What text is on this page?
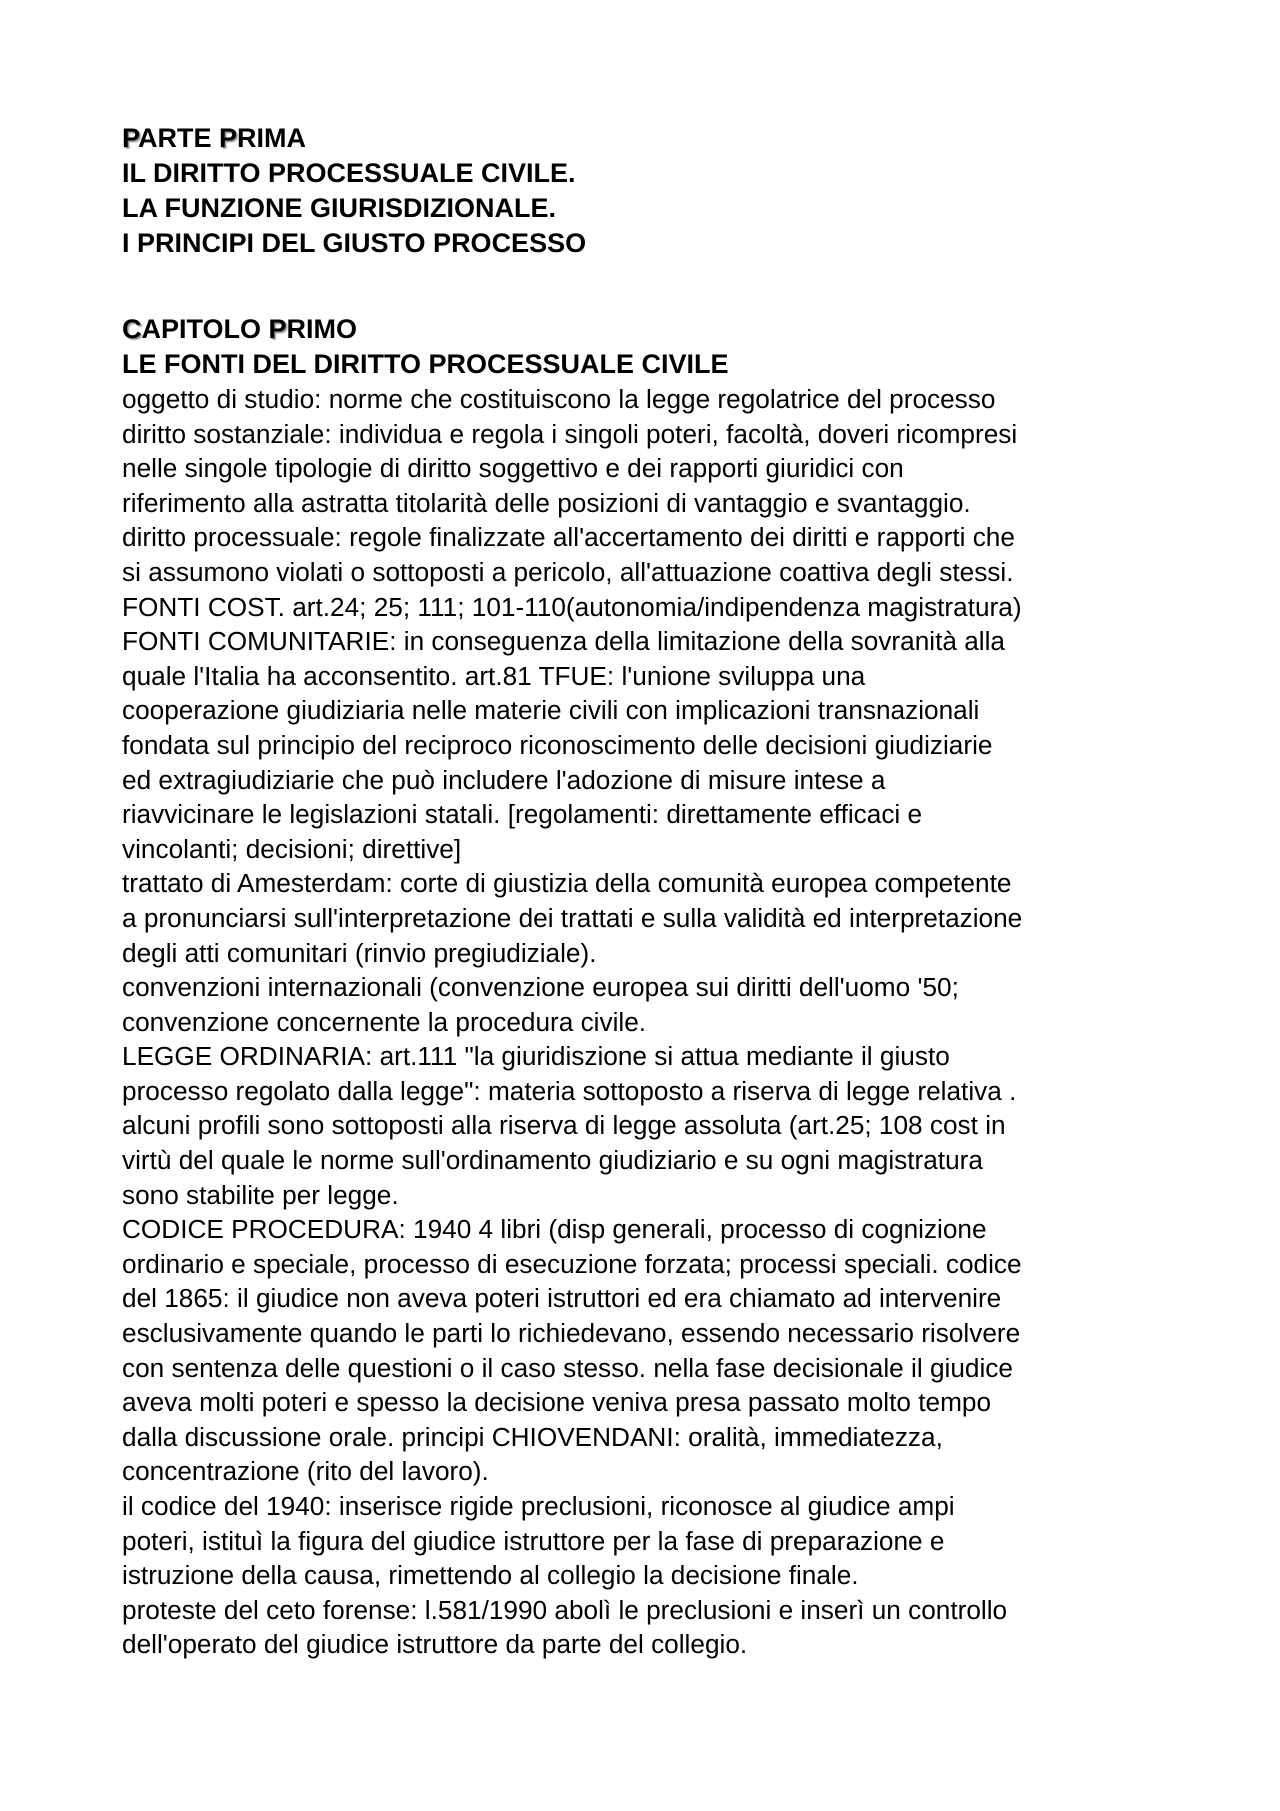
PARTE PRIMA
IL DIRITTO PROCESSUALE CIVILE.
LA FUNZIONE GIURISDIZIONALE.
I PRINCIPI DEL GIUSTO PROCESSO
CAPITOLO PRIMO
LE FONTI DEL DIRITTO PROCESSUALE CIVILE
oggetto di studio: norme che costituiscono la legge regolatrice del processo
diritto sostanziale: individua e regola i singoli poteri, facoltà, doveri ricompresi
nelle singole tipologie di diritto soggettivo e dei rapporti giuridici con
riferimento alla astratta titolarità delle posizioni di vantaggio e svantaggio.
diritto processuale: regole finalizzate all'accertamento dei diritti e rapporti che
si assumono violati o sottoposti a pericolo, all'attuazione coattiva degli stessi.
FONTI COST. art.24; 25; 111; 101-110(autonomia/indipendenza magistratura)
FONTI COMUNITARIE: in conseguenza della limitazione della sovranità alla
quale l'Italia ha acconsentito. art.81 TFUE: l'unione sviluppa una
cooperazione giudiziaria nelle materie civili con implicazioni transnazionali
fondata sul principio del reciproco riconoscimento delle decisioni giudiziarie
ed extragiudiziarie che può includere l'adozione di misure intese a
riavvicinare le legislazioni statali. [regolamenti: direttamente efficaci e
vincolanti; decisioni; direttive]
trattato di Amesterdam: corte di giustizia della comunità europea competente
a pronunciarsi sull'interpretazione dei trattati e sulla validità ed interpretazione
degli atti comunitari (rinvio pregiudiziale).
convenzioni internazionali (convenzione europea sui diritti dell'uomo '50;
convenzione concernente la procedura civile.
LEGGE ORDINARIA: art.111 "la giuridiszione si attua mediante il giusto
processo regolato dalla legge": materia sottoposto a riserva di legge relativa .
alcuni profili sono sottoposti alla riserva di legge assoluta (art.25; 108 cost in
virtù del quale le norme sull'ordinamento giudiziario e su ogni magistratura
sono stabilite per legge.
CODICE PROCEDURA: 1940 4 libri (disp generali, processo di cognizione
ordinario e speciale, processo di esecuzione forzata; processi speciali. codice
del 1865: il giudice non aveva poteri istruttori ed era chiamato ad intervenire
esclusivamente quando le parti lo richiedevano, essendo necessario risolvere
con sentenza delle questioni o il caso stesso. nella fase decisionale il giudice
aveva molti poteri e spesso la decisione veniva presa passato molto tempo
dalla discussione orale. principi CHIOVENDANI: oralità, immediatezza,
concentrazione (rito del lavoro).
il codice del 1940: inserisce rigide preclusioni, riconosce al giudice ampi
poteri, istituì la figura del giudice istruttore per la fase di preparazione e
istruzione della causa, rimettendo al collegio la decisione finale.
proteste del ceto forense: l.581/1990 abolì le preclusioni e inserì un controllo
dell'operato del giudice istruttore da parte del collegio.
